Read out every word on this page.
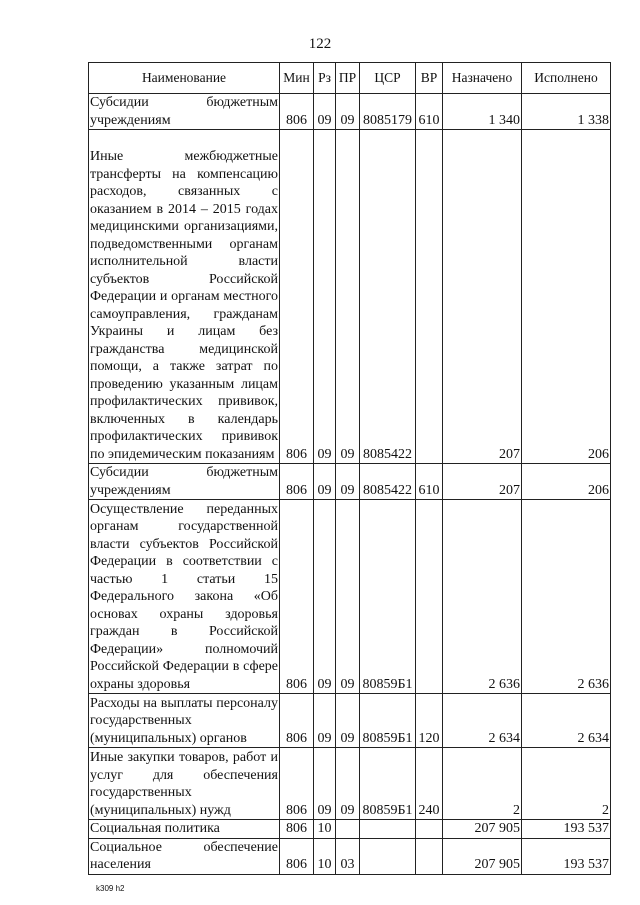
122
Наименование	Мин	Рз	ПР	ЦСР	ВР	Назначено	Исполнено
Субсидии бюджетным учреждениям	806	09	09	8085179	610	1 340	1 338
Иные межбюджетные трансферты на компенсацию расходов, связанных с оказанием в 2014 – 2015 годах медицинскими организациями, подведомственными органам исполнительной власти субъектов Российской Федерации и органам местного самоуправления, гражданам Украины и лицам без гражданства медицинской помощи, а также затрат по проведению указанным лицам профилактических прививок, включенных в календарь профилактических прививок по эпидемическим показаниям	806	09	09	8085422		207	206
Субсидии бюджетным учреждениям	806	09	09	8085422	610	207	206
Осуществление переданных органам государственной власти субъектов Российской Федерации в соответствии с частью 1 статьи 15 Федерального закона «Об основах охраны здоровья граждан в Российской Федерации» полномочий Российской Федерации в сфере охраны здоровья	806	09	09	80859Б1		2 636	2 636
Расходы на выплаты персоналу государственных (муниципальных) органов	806	09	09	80859Б1	120	2 634	2 634
Иные закупки товаров, работ и услуг для обеспечения государственных (муниципальных) нужд	806	09	09	80859Б1	240	2	2
Социальная политика	806	10				207 905	193 537
Социальное обеспечение населения	806	10	03			207 905	193 537
k309 h2
